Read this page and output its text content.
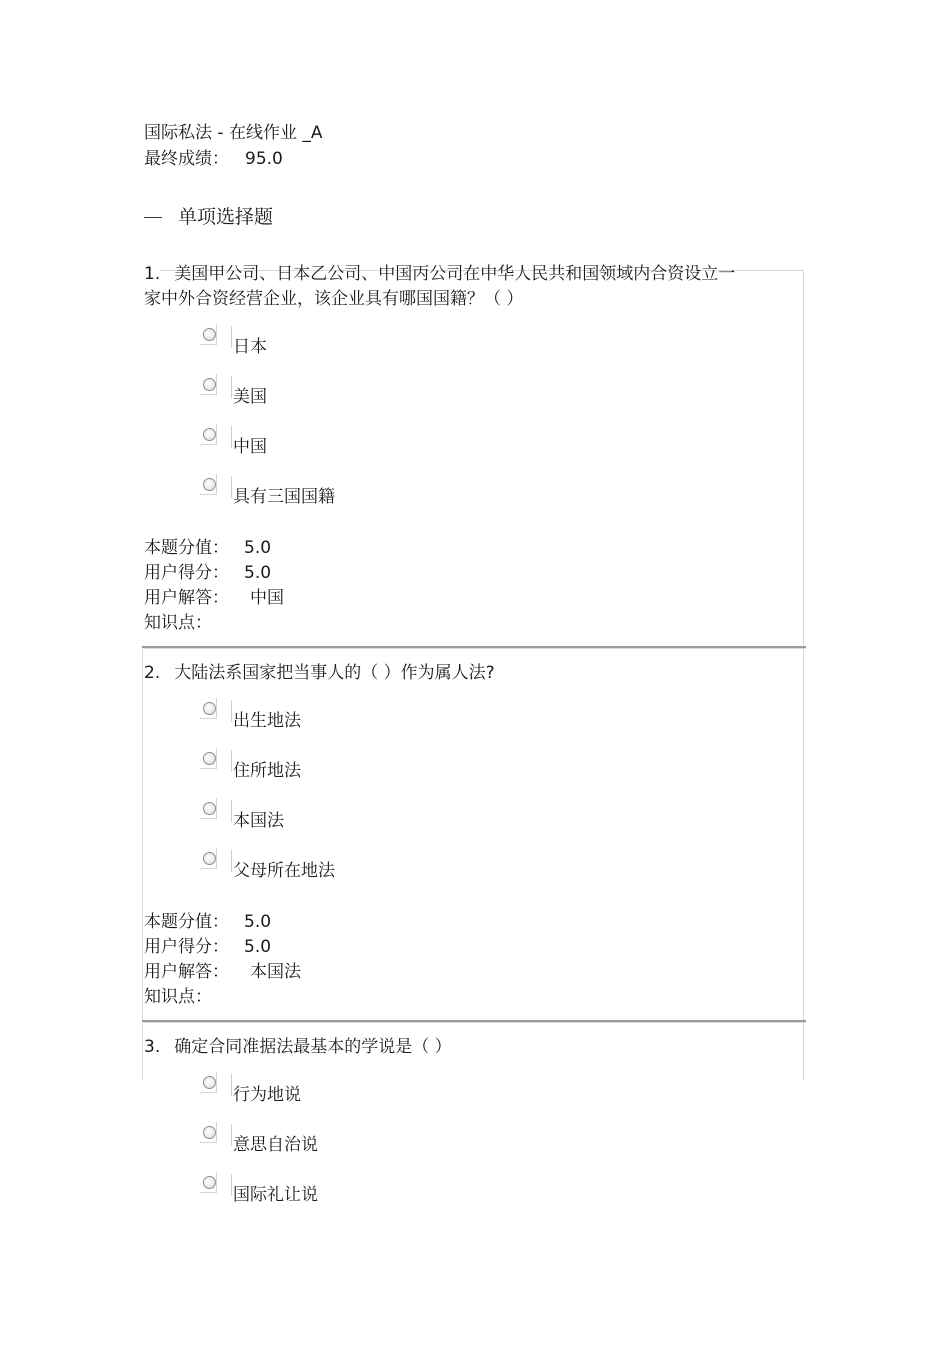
国际私法 - 在线作业 _A
最终成绩： 95.0
单项选择题
1. 美国甲公司、日本乙公司、中国丙公司在中华人民共和国领域内合资设立一
家中外合资经营企业，该企业具有哪国国籍？（ ）
日本
美国
中国
具有三国国籍
本题分值： 5.0
用户得分： 5.0
用户解答： 中国
知识点：
2. 大陆法系国家把当事人的（ ）作为属人法?
出生地法
住所地法
本国法
父母所在地法
本题分值： 5.0
用户得分： 5.0
用户解答： 本国法
知识点：
3. 确定合同准据法最基本的学说是（ ）
行为地说
意思自治说
国际礼让说
